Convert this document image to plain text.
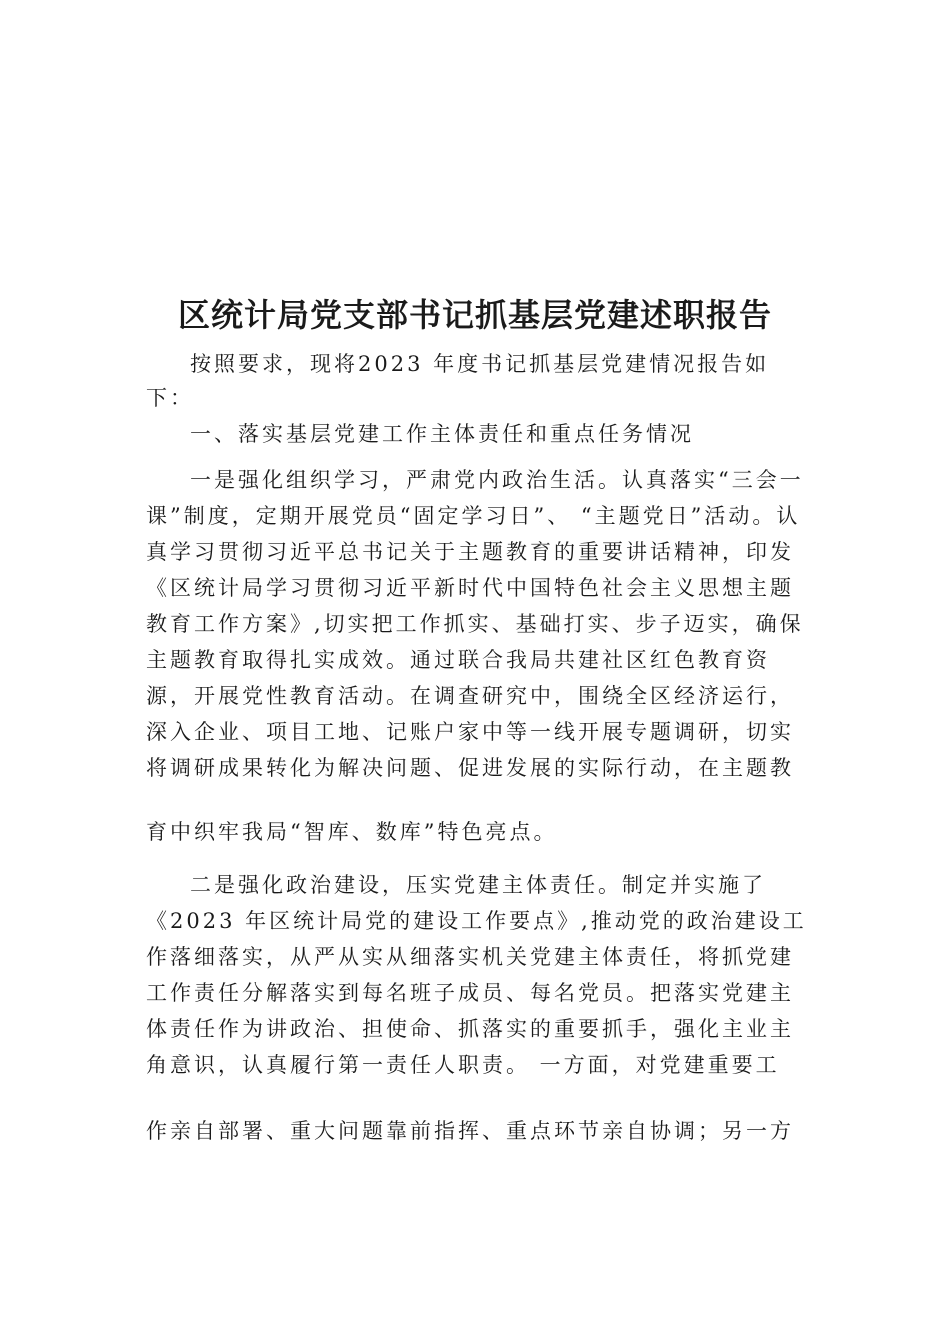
区统计局党支部书记抓基层党建述职报告

按照要求，现将2023 年度书记抓基层党建情况报告如下：

一、落实基层党建工作主体责任和重点任务情况

一是强化组织学习，严肃党内政治生活。认真落实“三会一课”制度，定期开展党员“固定学习日”、 “主题党日”活动。认真学习贯彻习近平总书记关于主题教育的重要讲话精神，印发《区统计局学习贯彻习近平新时代中国特色社会主义思想主题教育工作方案》,切实把工作抓实、基础打实、步子迈实，确保主题教育取得扎实成效。通过联合我局共建社区红色教育资源，开展党性教育活动。在调查研究中，围绕全区经济运行，深入企业、项目工地、记账户家中等一线开展专题调研，切实将调研成果转化为解决问题、促进发展的实际行动，在主题教

育中织牢我局“智库、数库”特色亮点。

二是强化政治建设，压实党建主体责任。制定并实施了《2023 年区统计局党的建设工作要点》,推动党的政治建设工作落细落实，从严从实从细落实机关党建主体责任，将抓党建工作责任分解落实到每名班子成员、每名党员。把落实党建主体责任作为讲政治、担使命、抓落实的重要抓手，强化主业主角意识，认真履行第一责任人职责。 一方面，对党建重要工

作亲自部署、重大问题靠前指挥、重点环节亲自协调；另一方
